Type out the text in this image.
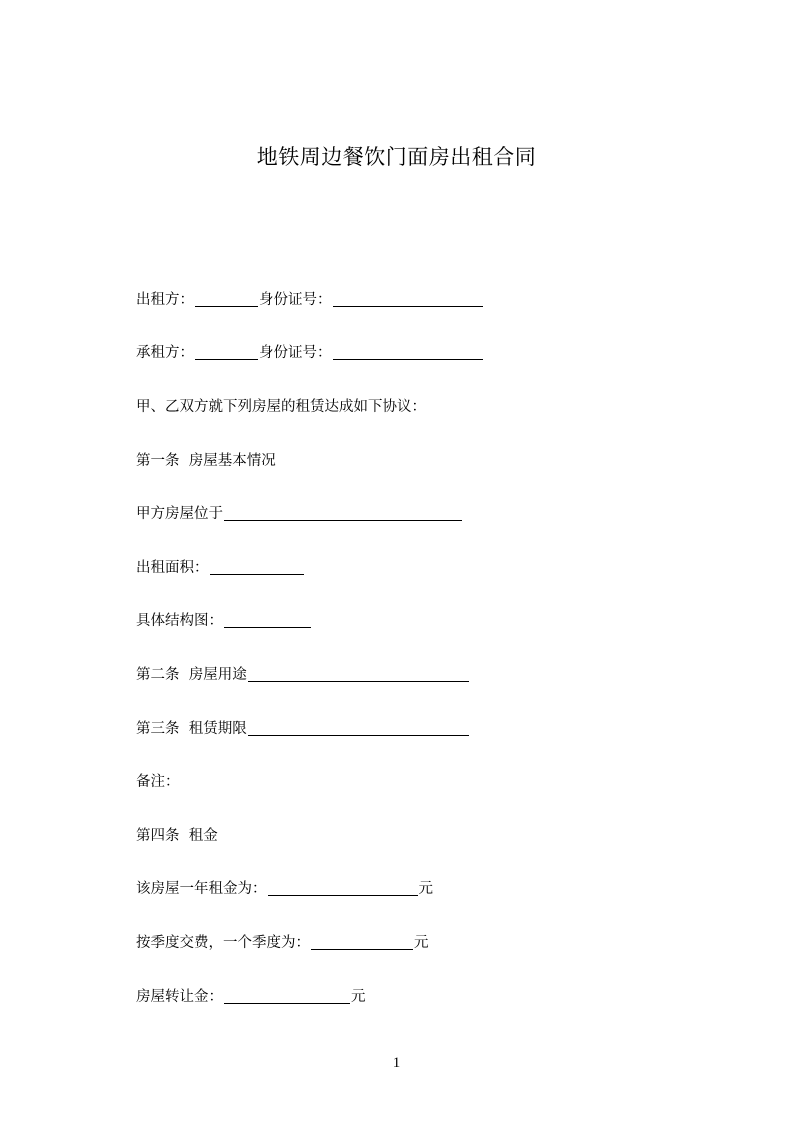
地铁周边餐饮门面房出租合同
出租方：	身份证号：
承租方：	身份证号：
甲、乙双方就下列房屋的租赁达成如下协议：
第一条  房屋基本情况
甲方房屋位于
出租面积：
具体结构图：
第二条  房屋用途
第三条  租赁期限
备注：
第四条  租金
该房屋一年租金为：	元
按季度交费，一个季度为：	元
房屋转让金：	元
1
